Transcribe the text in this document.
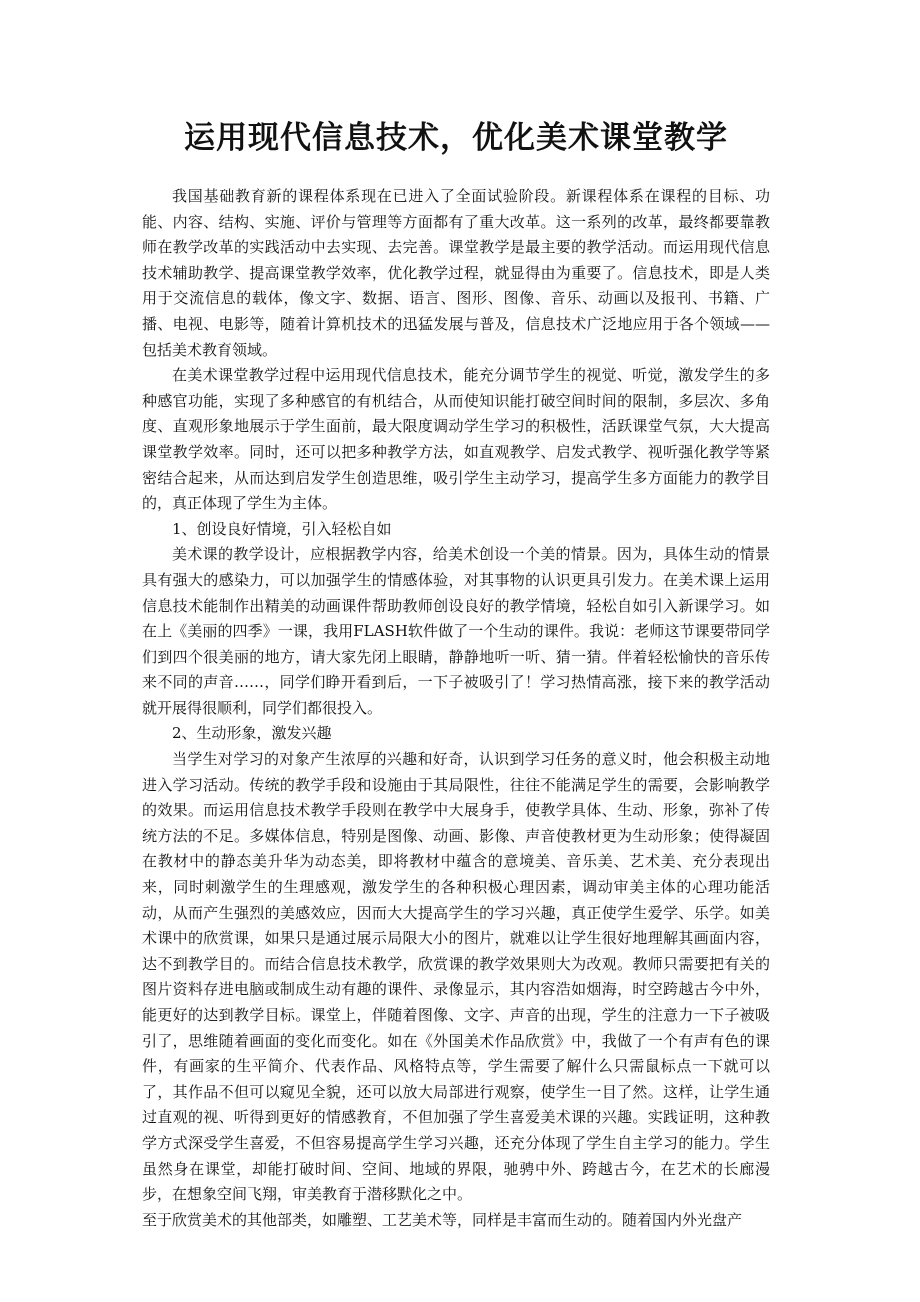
运用现代信息技术，优化美术课堂教学

我国基础教育新的课程体系现在已进入了全面试验阶段。新课程体系在课程的目标、功能、内容、结构、实施、评价与管理等方面都有了重大改革。这一系列的改革，最终都要靠教师在教学改革的实践活动中去实现、去完善。课堂教学是最主要的教学活动。而运用现代信息技术辅助教学、提高课堂教学效率，优化教学过程，就显得由为重要了。信息技术，即是人类用于交流信息的载体，像文字、数据、语言、图形、图像、音乐、动画以及报刊、书籍、广播、电视、电影等，随着计算机技术的迅猛发展与普及，信息技术广泛地应用于各个领域——包括美术教育领域。

在美术课堂教学过程中运用现代信息技术，能充分调节学生的视觉、听觉，激发学生的多种感官功能，实现了多种感官的有机结合，从而使知识能打破空间时间的限制，多层次、多角度、直观形象地展示于学生面前，最大限度调动学生学习的积极性，活跃课堂气氛，大大提高课堂教学效率。同时，还可以把多种教学方法，如直观教学、启发式教学、视听强化教学等紧密结合起来，从而达到启发学生创造思维，吸引学生主动学习，提高学生多方面能力的教学目的，真正体现了学生为主体。

1、创设良好情境，引入轻松自如

美术课的教学设计，应根据教学内容，给美术创设一个美的情景。因为，具体生动的情景具有强大的感染力，可以加强学生的情感体验，对其事物的认识更具引发力。在美术课上运用信息技术能制作出精美的动画课件帮助教师创设良好的教学情境，轻松自如引入新课学习。如在上《美丽的四季》一课，我用FLASH软件做了一个生动的课件。我说：老师这节课要带同学们到四个很美丽的地方，请大家先闭上眼睛，静静地听一听、猜一猜。伴着轻松愉快的音乐传来不同的声音……，同学们睁开看到后，一下子被吸引了！学习热情高涨，接下来的教学活动就开展得很顺利，同学们都很投入。

2、生动形象，激发兴趣

当学生对学习的对象产生浓厚的兴趣和好奇，认识到学习任务的意义时，他会积极主动地进入学习活动。传统的教学手段和设施由于其局限性，往往不能满足学生的需要，会影响教学的效果。而运用信息技术教学手段则在教学中大展身手，使教学具体、生动、形象，弥补了传统方法的不足。多媒体信息，特别是图像、动画、影像、声音使教材更为生动形象；使得凝固在教材中的静态美升华为动态美，即将教材中蕴含的意境美、音乐美、艺术美、充分表现出来，同时刺激学生的生理感观，激发学生的各种积极心理因素，调动审美主体的心理功能活动，从而产生强烈的美感效应，因而大大提高学生的学习兴趣，真正使学生爱学、乐学。如美术课中的欣赏课，如果只是通过展示局限大小的图片，就难以让学生很好地理解其画面内容，达不到教学目的。而结合信息技术教学，欣赏课的教学效果则大为改观。教师只需要把有关的图片资料存进电脑或制成生动有趣的课件、录像显示，其内容浩如烟海，时空跨越古今中外，能更好的达到教学目标。课堂上，伴随着图像、文字、声音的出现，学生的注意力一下子被吸引了，思维随着画面的变化而变化。如在《外国美术作品欣赏》中，我做了一个有声有色的课件，有画家的生平简介、代表作品、风格特点等，学生需要了解什么只需鼠标点一下就可以了，其作品不但可以窥见全貌，还可以放大局部进行观察，使学生一目了然。这样，让学生通过直观的视、听得到更好的情感教育，不但加强了学生喜爱美术课的兴趣。实践证明，这种教学方式深受学生喜爱，不但容易提高学生学习兴趣，还充分体现了学生自主学习的能力。学生虽然身在课堂，却能打破时间、空间、地域的界限，驰骋中外、跨越古今，在艺术的长廊漫步，在想象空间飞翔，审美教育于潜移默化之中。

至于欣赏美术的其他部类，如雕塑、工艺美术等，同样是丰富而生动的。随着国内外光盘产
